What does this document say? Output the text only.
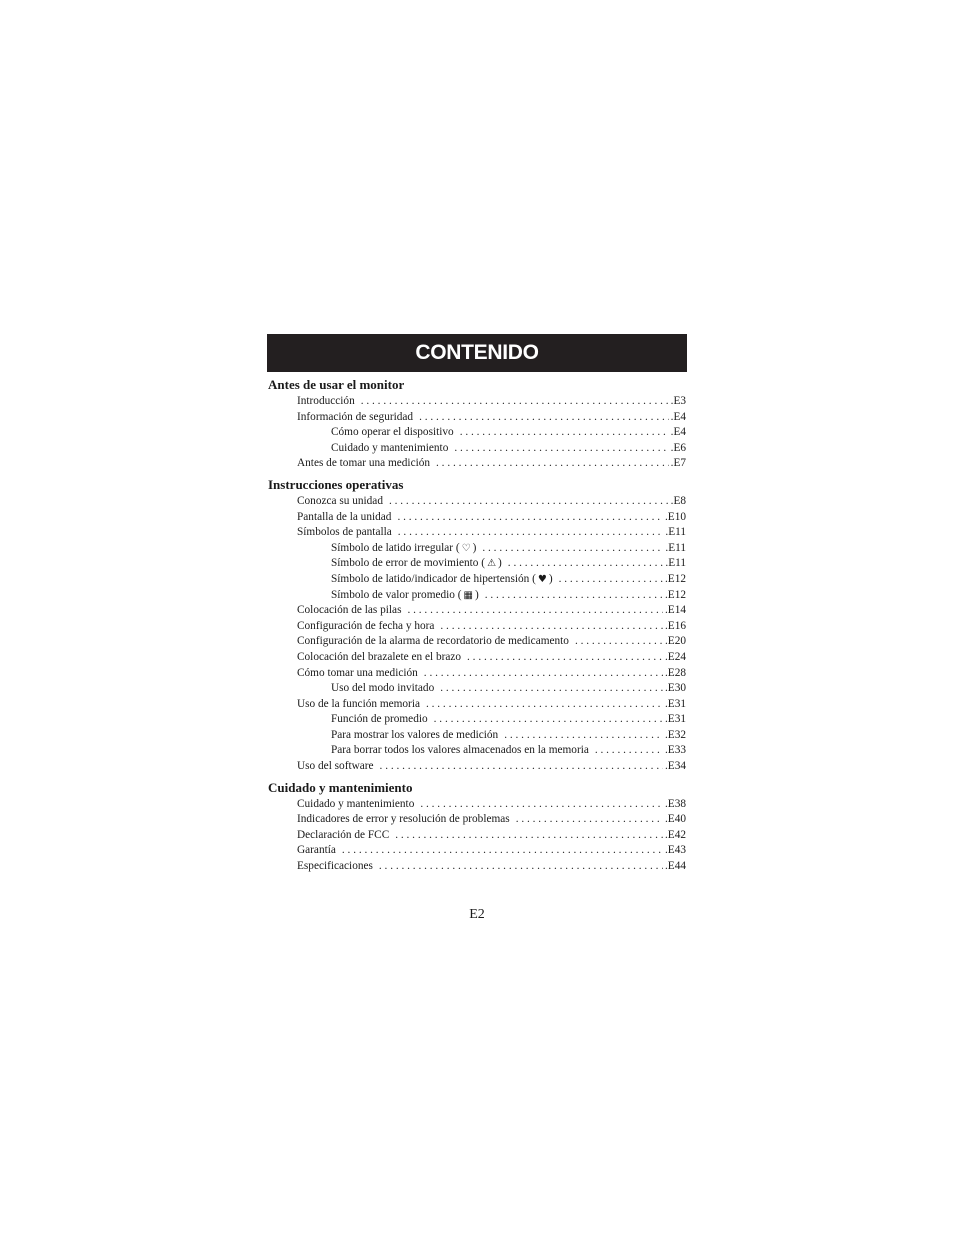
CONTENIDO
Antes de usar el monitor
Introducción . . .	.E3
Información de seguridad . . .	.E4
Cómo operar el dispositivo . . .	.E4
Cuidado y mantenimiento . . .	.E6
Antes de tomar una medición . . .	.E7
Instrucciones operativas
Conozca su unidad . . .	.E8
Pantalla de la unidad . . .	.E10
Símbolos de pantalla . . .	.E11
Símbolo de latido irregular ( ♡ ) . . .	.E11
Símbolo de error de movimiento ( ⚠ ) . . .	.E11
Símbolo de latido/indicador de hipertensión ( ♥ ) . . .	.E12
Símbolo de valor promedio ( ▦ ) . . .	.E12
Colocación de las pilas . . .	.E14
Configuración de fecha y hora . . .	.E16
Configuración de la alarma de recordatorio de medicamento . . .	.E20
Colocación del brazalete en el brazo . . .	.E24
Cómo tomar una medición . . .	.E28
Uso del modo invitado . . .	.E30
Uso de la función memoria . . .	.E31
Función de promedio . . .	.E31
Para mostrar los valores de medición . . .	.E32
Para borrar todos los valores almacenados en la memoria . . .	.E33
Uso del software . . .	.E34
Cuidado y mantenimiento
Cuidado y mantenimiento . . .	.E38
Indicadores de error y resolución de problemas . . .	.E40
Declaración de FCC . . .	.E42
Garantía . . .	.E43
Especificaciones . . .	.E44
E2
